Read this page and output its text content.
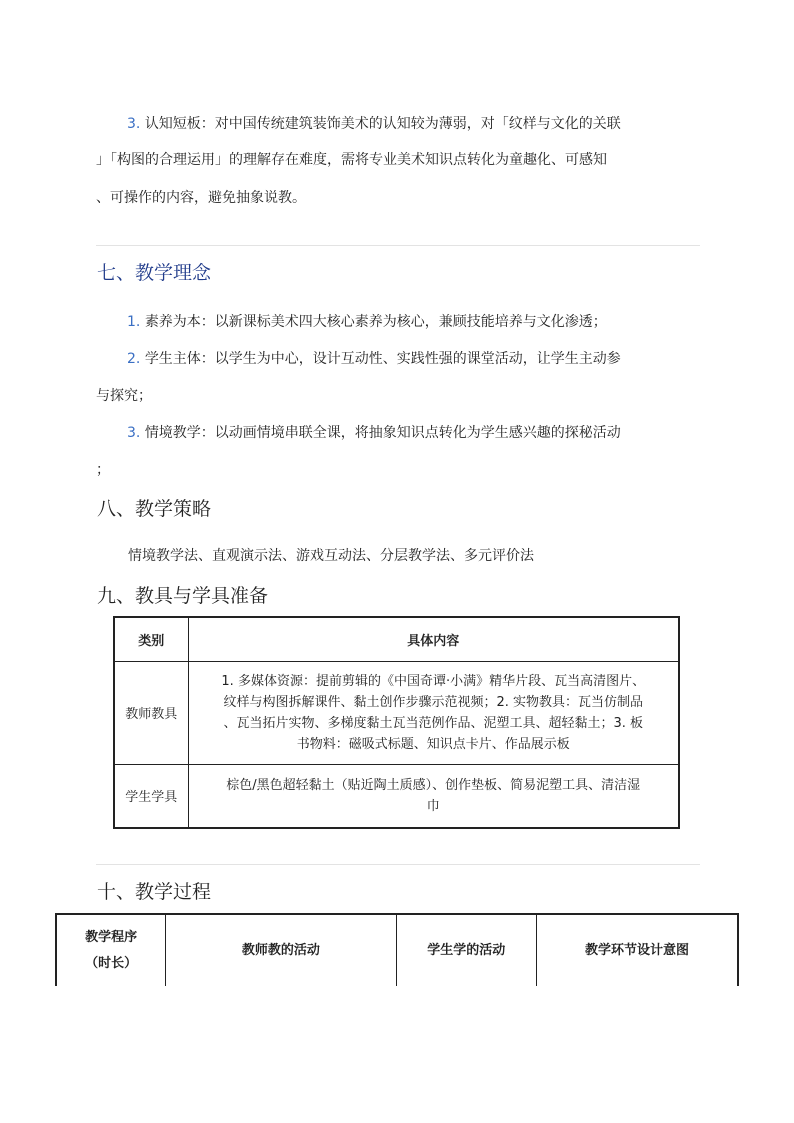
3. 认知短板：对中国传统建筑装饰美术的认知较为薄弱，对「纹样与文化的关联
」「构图的合理运用」的理解存在难度，需将专业美术知识点转化为童趣化、可感知
、可操作的内容，避免抽象说教。
七、教学理念
1. 素养为本：以新课标美术四大核心素养为核心，兼顾技能培养与文化渗透；
2. 学生主体：以学生为中心，设计互动性、实践性强的课堂活动，让学生主动参
与探究；
3. 情境教学：以动画情境串联全课，将抽象知识点转化为学生感兴趣的探秘活动
；
八、教学策略
情境教学法、直观演示法、游戏互动法、分层教学法、多元评价法
九、教具与学具准备
类别	具体内容
教师教具	1. 多媒体资源：提前剪辑的《中国奇谭·小满》精华片段、瓦当高清图片、
纹样与构图拆解课件、黏土创作步骤示范视频；2. 实物教具：瓦当仿制品
、瓦当拓片实物、多梯度黏土瓦当范例作品、泥塑工具、超轻黏土；3. 板
书物料：磁吸式标题、知识点卡片、作品展示板

学生学具	棕色/黑色超轻黏土（贴近陶土质感）、创作垫板、简易泥塑工具、清洁湿
巾
十、教学过程
教学程序
（时长）
	教师教的活动	学生学的活动	教学环节设计意图
